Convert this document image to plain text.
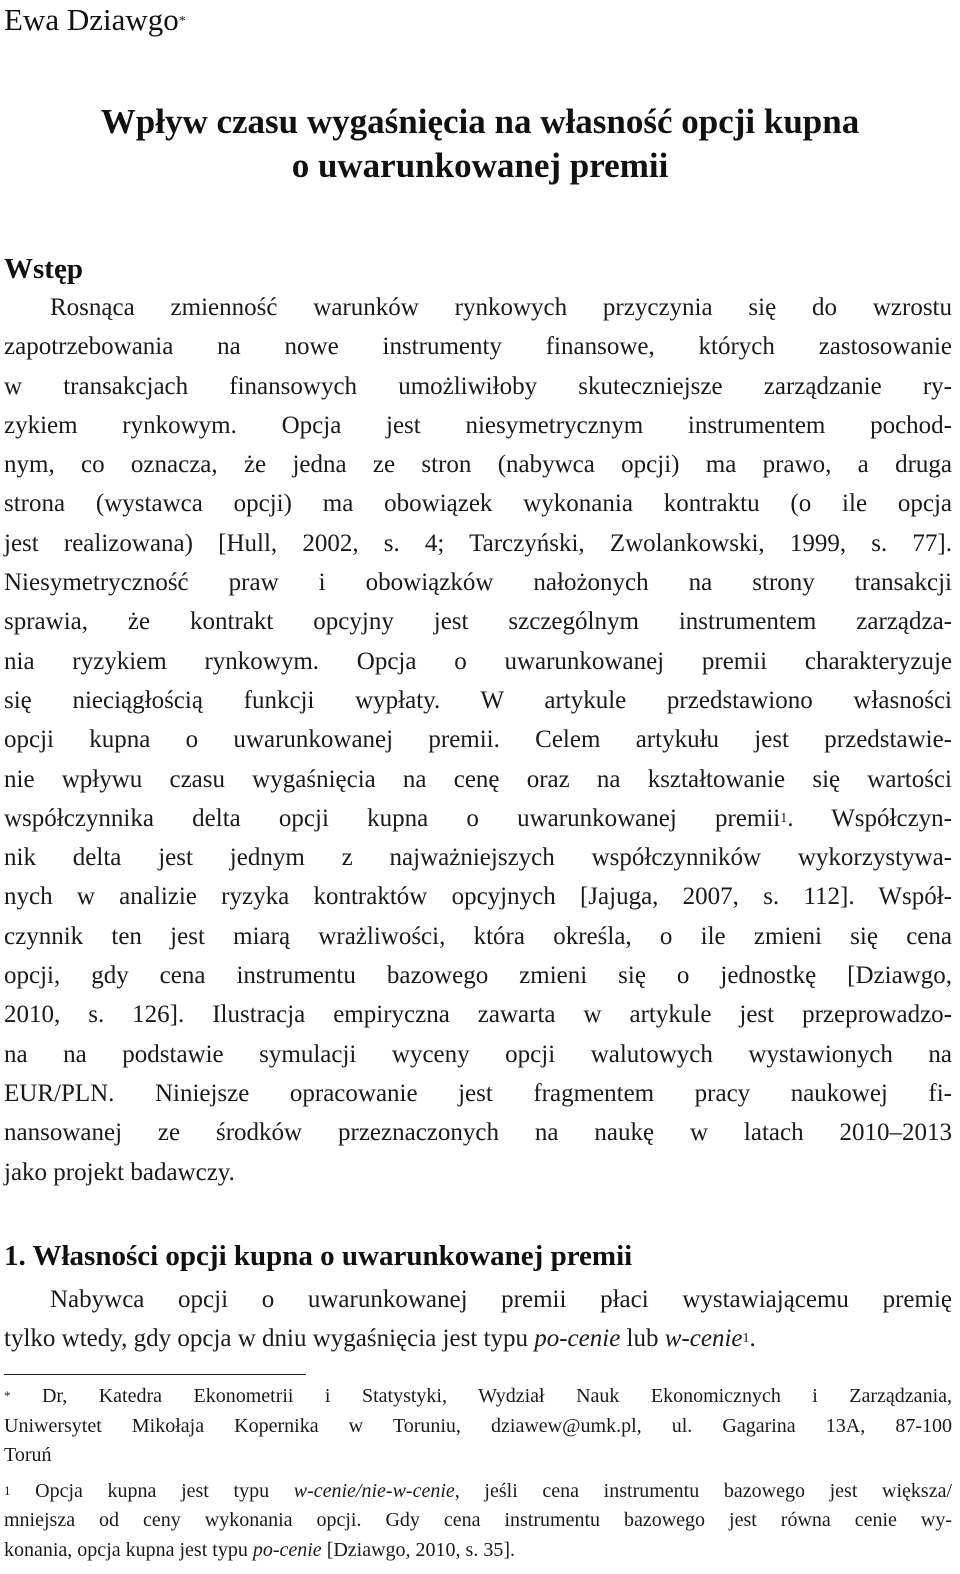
Ewa Dziawgo*
Wpływ czasu wygaśnięcia na własność opcji kupna
o uwarunkowanej premii
Wstęp
Rosnąca zmienność warunków rynkowych przyczynia się do wzrostu
zapotrzebowania na nowe instrumenty finansowe, których zastosowanie
w transakcjach finansowych umożliwiłoby skuteczniejsze zarządzanie ry-
zykiem rynkowym. Opcja jest niesymetrycznym instrumentem pochod-
nym, co oznacza, że jedna ze stron (nabywca opcji) ma prawo, a druga
strona (wystawca opcji) ma obowiązek wykonania kontraktu (o ile opcja
jest realizowana) [Hull, 2002, s. 4; Tarczyński, Zwolankowski, 1999, s. 77].
Niesymetryczność praw i obowiązków nałożonych na strony transakcji
sprawia, że kontrakt opcyjny jest szczególnym instrumentem zarządza-
nia ryzykiem rynkowym. Opcja o uwarunkowanej premii charakteryzuje
się nieciągłością funkcji wypłaty. W artykule przedstawiono własności
opcji kupna o uwarunkowanej premii. Celem artykułu jest przedstawie-
nie wpływu czasu wygaśnięcia na cenę oraz na kształtowanie się wartości
współczynnika delta opcji kupna o uwarunkowanej premii$^1$. Współczyn-
nik delta jest jednym z najważniejszych współczynników wykorzystywa-
nych w analizie ryzyka kontraktów opcyjnych [Jajuga, 2007, s. 112]. Współ-
czynnik ten jest miarą wrażliwości, która określa, o ile zmieni się cena
opcji, gdy cena instrumentu bazowego zmieni się o jednostkę [Dziawgo,
2010, s. 126]. Ilustracja empiryczna zawarta w artykule jest przeprowadzo-
na na podstawie symulacji wyceny opcji walutowych wystawionych na
EUR/PLN. Niniejsze opracowanie jest fragmentem pracy naukowej fi-
nansowanej ze środków przeznaczonych na naukę w latach 2010–2013
jako projekt badawczy.
1. Własności opcji kupna o uwarunkowanej premii
Nabywca opcji o uwarunkowanej premii płaci wystawiającemu premię
tylko wtedy, gdy opcja w dniu wygaśnięcia jest typu po-cenie lub w-cenie$^1$.
* Dr, Katedra Ekonometrii i Statystyki, Wydział Nauk Ekonomicznych i Zarządzania,
Uniwersytet Mikołaja Kopernika w Toruniu, dziawew@umk.pl, ul. Gagarina 13A, 87-100
Toruń
$^1$ Opcja kupna jest typu w-cenie/nie-w-cenie, jeśli cena instrumentu bazowego jest większa/
mniejsza od ceny wykonania opcji. Gdy cena instrumentu bazowego jest równa cenie wy-
konania, opcja kupna jest typu po-cenie [Dziawgo, 2010, s. 35].
